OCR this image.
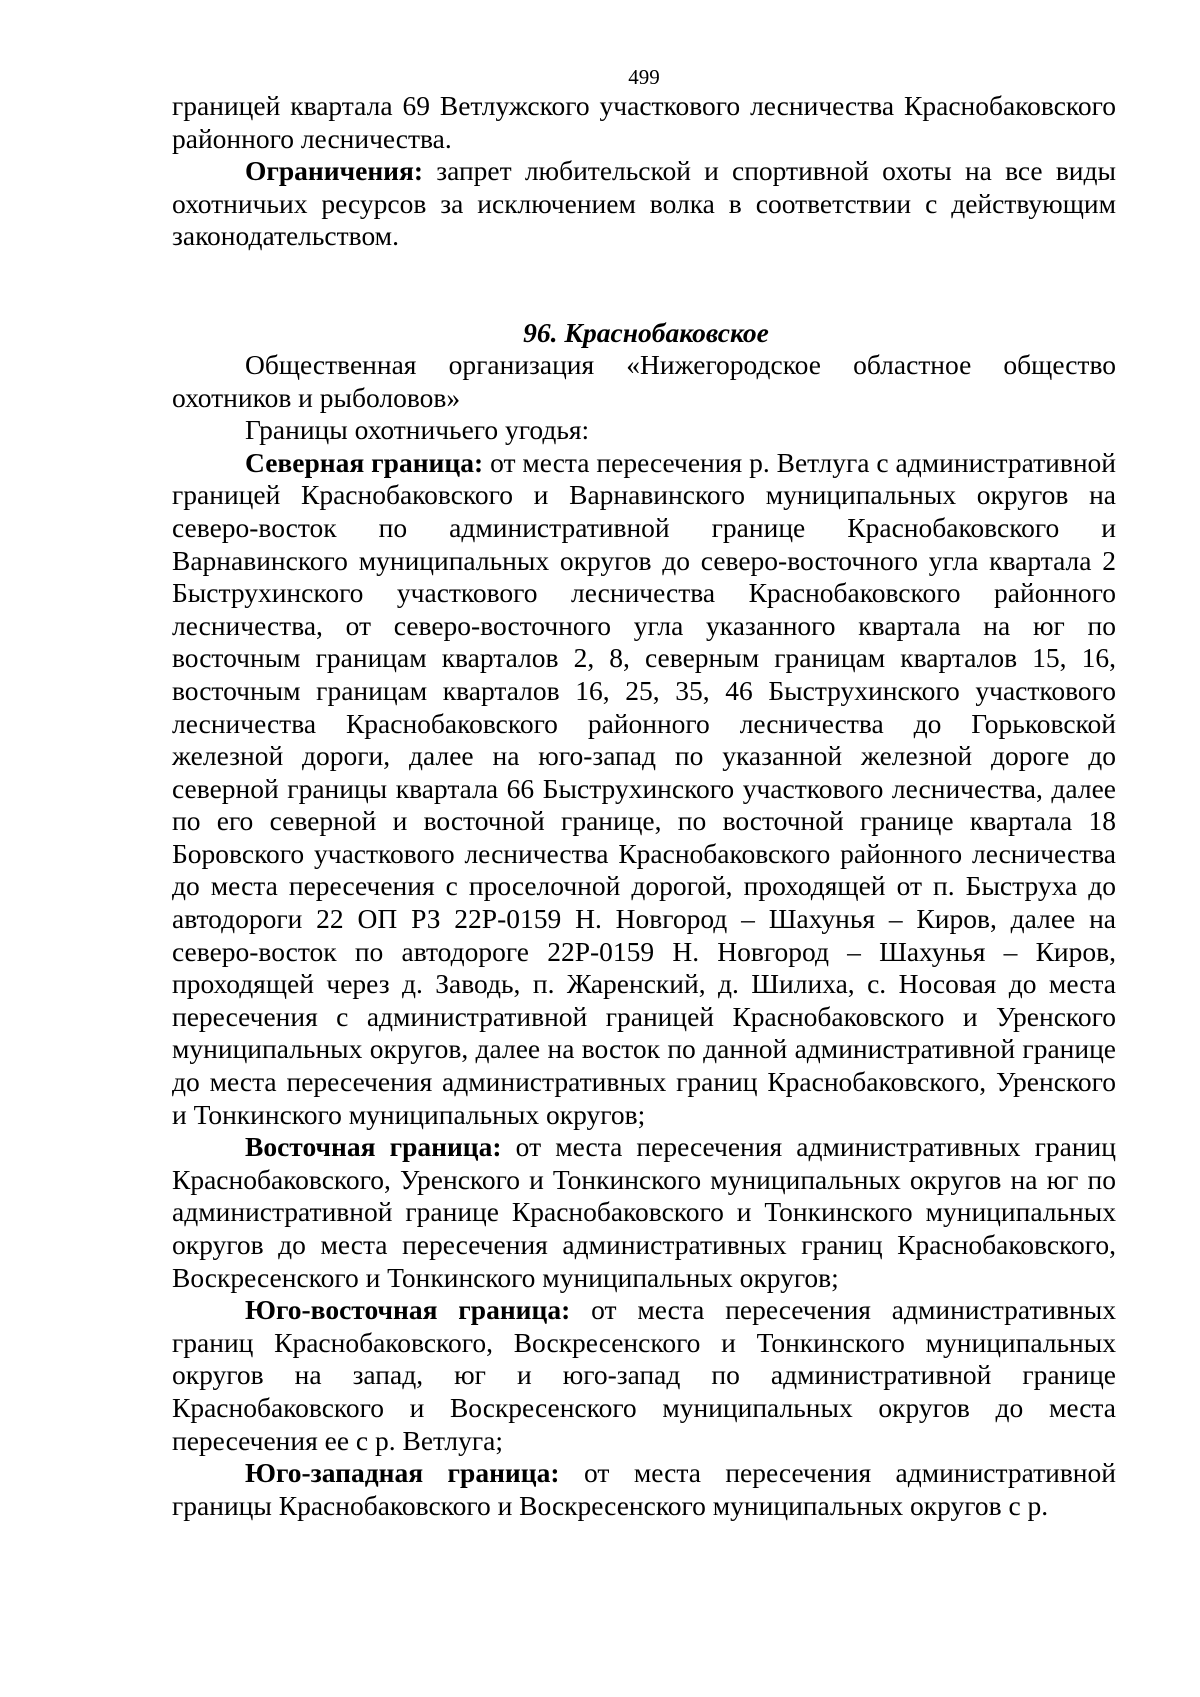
499

границей квартала 69 Ветлужского участкового лесничества Краснобаковского районного лесничества.

Ограничения: запрет любительской и спортивной охоты на все виды охотничьих ресурсов за исключением волка в соответствии с действующим законодательством.

96. Краснобаковское

Общественная организация «Нижегородское областное общество охотников и рыболовов»

Границы охотничьего угодья:

Северная граница: от места пересечения р. Ветлуга с административной границей Краснобаковского и Варнавинского муниципальных округов на северо-восток по административной границе Краснобаковского и Варнавинского муниципальных округов до северо-восточного угла квартала 2 Быструхинского участкового лесничества Краснобаковского районного лесничества, от северо-восточного угла указанного квартала на юг по восточным границам кварталов 2, 8, северным границам кварталов 15, 16, восточным границам кварталов 16, 25, 35, 46 Быструхинского участкового лесничества Краснобаковского районного лесничества до Горьковской железной дороги, далее на юго-запад по указанной железной дороге до северной границы квартала 66 Быструхинского участкового лесничества, далее по его северной и восточной границе, по восточной границе квартала 18 Боровского участкового лесничества Краснобаковского районного лесничества до места пересечения с проселочной дорогой, проходящей от п. Быструха до автодороги 22 ОП РЗ 22Р-0159 Н. Новгород – Шахунья – Киров, далее на северо-восток по автодороге 22Р-0159 Н. Новгород – Шахунья – Киров, проходящей через д. Заводь, п. Жаренский, д. Шилиха, с. Носовая до места пересечения с административной границей Краснобаковского и Уренского муниципальных округов, далее на восток по данной административной границе до места пересечения административных границ Краснобаковского, Уренского и Тонкинского муниципальных округов;

Восточная граница: от места пересечения административных границ Краснобаковского, Уренского и Тонкинского муниципальных округов на юг по административной границе Краснобаковского и Тонкинского муниципальных округов до места пересечения административных границ Краснобаковского, Воскресенского и Тонкинского муниципальных округов;

Юго-восточная граница: от места пересечения административных границ Краснобаковского, Воскресенского и Тонкинского муниципальных округов на запад, юг и юго-запад по административной границе Краснобаковского и Воскресенского муниципальных округов до места пересечения ее с р. Ветлуга;

Юго-западная граница: от места пересечения административной границы Краснобаковского и Воскресенского муниципальных округов с р.
